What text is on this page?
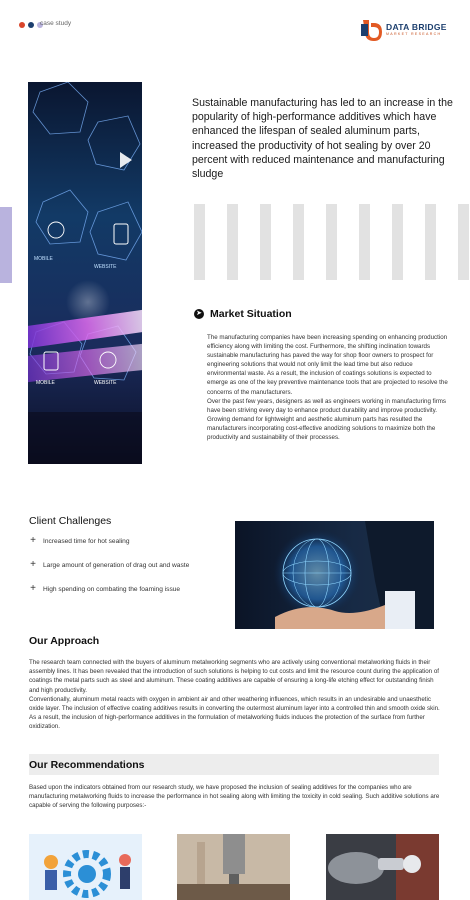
case study	DATA BRIDGE
MARKET RESEARCH
MOBILE
WEBSITE
MOBILE	WEBSITE
Sustainable manufacturing has led to an increase in the popularity of high-performance additives which have enhanced the lifespan of sealed aluminum parts, increased the productivity of hot sealing by over 20 percent with reduced maintenance and manufacturing sludge
➤ Market Situation

The manufacturing companies have been increasing spending on enhancing production efficiency along with limiting the cost. Furthermore, the shifting inclination towards sustainable manufacturing has paved the way for shop floor owners to prospect for engineering solutions that would not only limit the lead time but also reduce environmental waste. As a result, the inclusion of coatings solutions is expected to emerge as one of the key preventive maintenance tools that are projected to resolve the concerns of the manufacturers.

Over the past few years, designers as well as engineers working in manufacturing firms have been striving every day to enhance product durability and improve productivity. Growing demand for lightweight and aesthetic aluminum parts has resulted the manufacturers incorporating cost-effective anodizing solutions to maximize both the productivity and sustainability of their processes.

Client Challenges
+ Increased time for hot sealing
+ Large amount of generation of drag out and waste
+ High spending on combating the foaming issue
Our Approach

The research team connected with the buyers of aluminum metalworking segments who are actively using conventional metalworking fluids in their assembly lines. It has been revealed that the introduction of such solutions is helping to cut costs and limit the resource count during the application of coatings the metal parts such as steel and aluminum. These coating additives are capable of ensuring a long-life etching effect for outstanding finish and high productivity.

Conventionally, aluminum metal reacts with oxygen in ambient air and other weathering influences, which results in an undesirable and unaesthetic oxide layer. The inclusion of effective coating additives results in converting the outermost aluminum layer into a controlled thin and smooth oxide skin. As a result, the inclusion of high-performance additives in the formulation of metalworking fluids induces the protection of the surface from further oxidization.

Our Recommendations
Based upon the indicators obtained from our research study, we have proposed the inclusion of sealing additives for the companies who are manufacturing metalworking fluids to increase the performance in hot sealing along with limiting the toxicity in cold sealing. Such additive solutions are capable of serving the following purposes:-
